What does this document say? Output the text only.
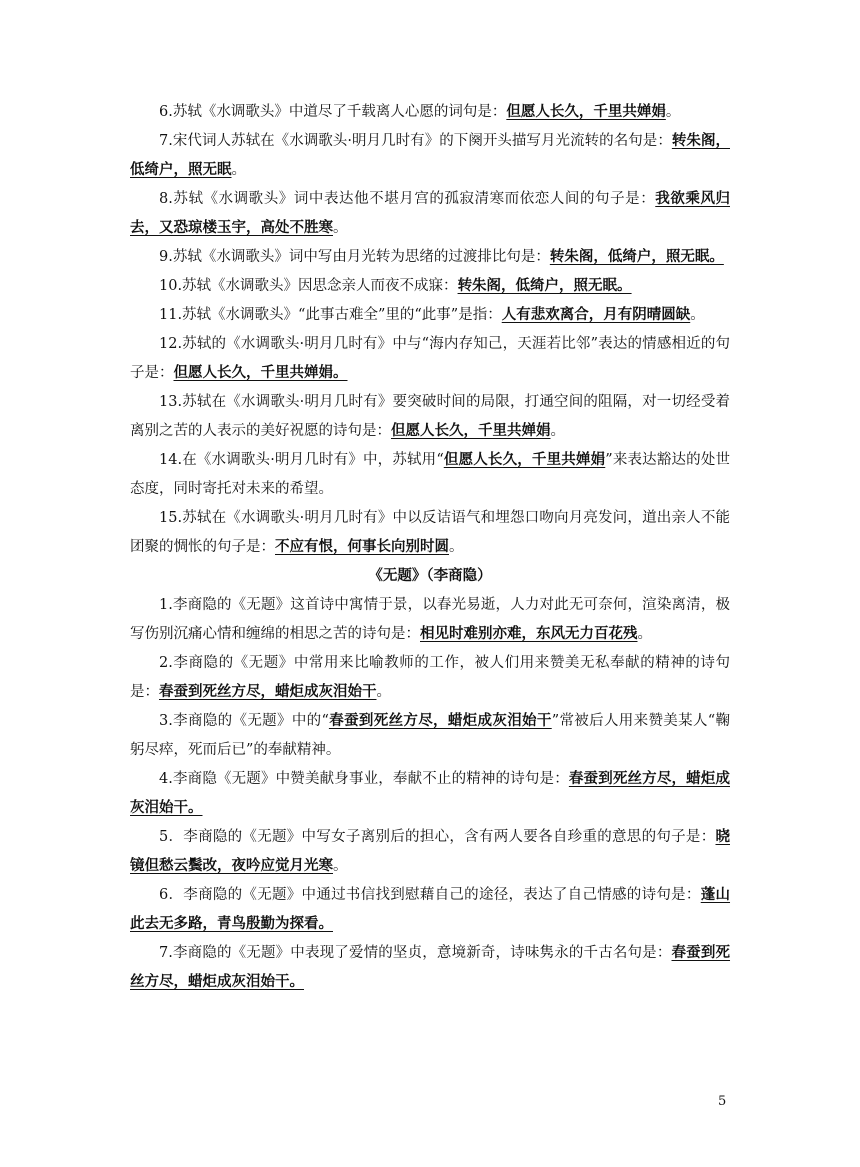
6.苏轼《水调歌头》中道尽了千载离人心愿的词句是：但愿人长久，千里共婵娟。

7.宋代词人苏轼在《水调歌头·明月几时有》的下阕开头描写月光流转的名句是：转朱阁，低绮户，照无眠。

8.苏轼《水调歌头》词中表达他不堪月宫的孤寂清寒而依恋人间的句子是：我欲乘风归去，又恐琼楼玉宇，高处不胜寒。

9.苏轼《水调歌头》词中写由月光转为思绪的过渡排比句是：转朱阁，低绮户，照无眠。

10.苏轼《水调歌头》因思念亲人而夜不成寐：转朱阁，低绮户，照无眠。

11.苏轼《水调歌头》“此事古难全”里的“此事”是指：人有悲欢离合，月有阴晴圆缺。

12.苏轼的《水调歌头·明月几时有》中与“海内存知己，天涯若比邻”表达的情感相近的句子是：但愿人长久，千里共婵娟。

13.苏轼在《水调歌头·明月几时有》要突破时间的局限，打通空间的阻隔，对一切经受着离别之苦的人表示的美好祝愿的诗句是：但愿人长久，千里共婵娟。

14.在《水调歌头·明月几时有》中，苏轼用“但愿人长久，千里共婵娟”来表达豁达的处世态度，同时寄托对未来的希望。

15.苏轼在《水调歌头·明月几时有》中以反诘语气和埋怨口吻向月亮发问，道出亲人不能团聚的惆怅的句子是：不应有恨，何事长向别时圆。

《无题》（李商隐）

1.李商隐的《无题》这首诗中寓情于景，以春光易逝，人力对此无可奈何，渲染离清，极写伤别沉痛心情和缠绵的相思之苦的诗句是：相见时难别亦难，东风无力百花残。

2.李商隐的《无题》中常用来比喻教师的工作，被人们用来赞美无私奉献的精神的诗句是：春蚕到死丝方尽，蜡炬成灰泪始干。

3.李商隐的《无题》中的“春蚕到死丝方尽，蜡炬成灰泪始干”常被后人用来赞美某人“鞠躬尽瘁，死而后已”的奉献精神。

4.李商隐《无题》中赞美献身事业，奉献不止的精神的诗句是：春蚕到死丝方尽，蜡炬成灰泪始干。

5．李商隐的《无题》中写女子离别后的担心，含有两人要各自珍重的意思的句子是：晓镜但愁云鬓改，夜吟应觉月光寒。

6．李商隐的《无题》中通过书信找到慰藉自己的途径，表达了自己情感的诗句是：蓬山此去无多路，青鸟殷勤为探看。

7.李商隐的《无题》中表现了爱情的坚贞，意境新奇，诗味隽永的千古名句是：春蚕到死丝方尽，蜡炬成灰泪始干。

5
